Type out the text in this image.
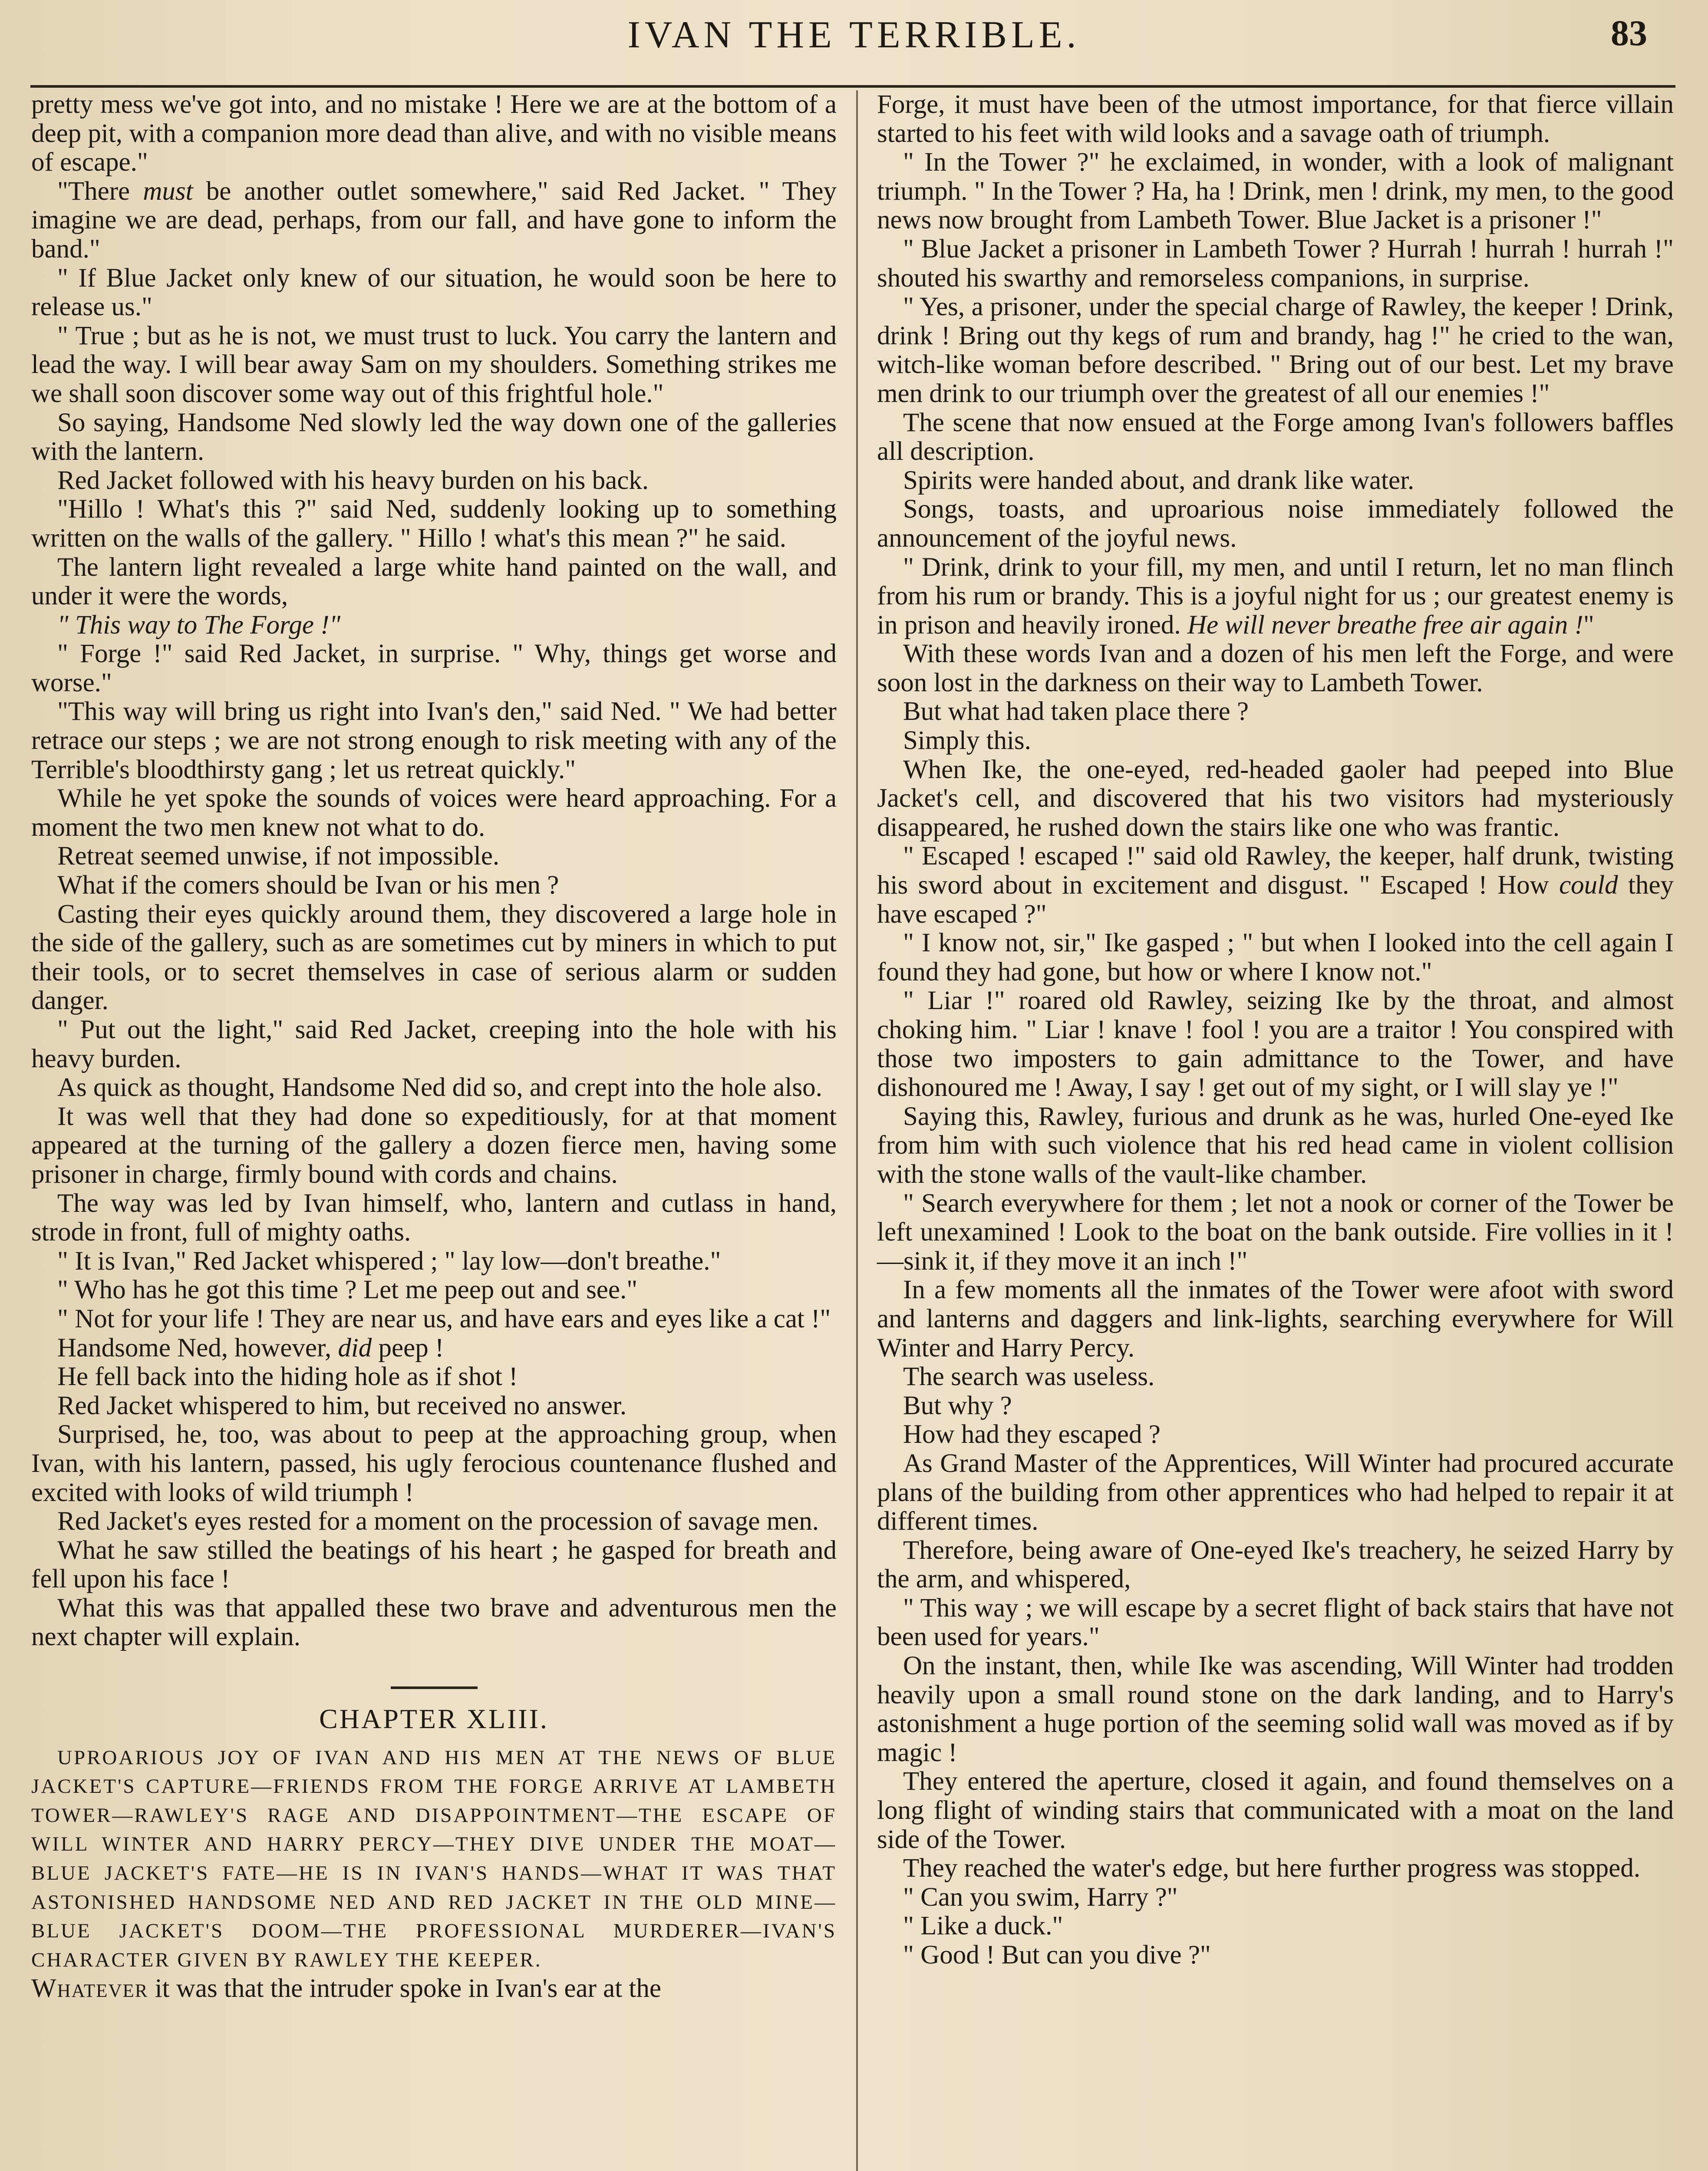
IVAN THE TERRIBLE.	83

pretty mess we've got into, and no mistake ! Here we are at the bottom of a deep pit, with a companion more dead than alive, and with no visible means of escape."

"There must be another outlet somewhere," said Red Jacket. " They imagine we are dead, perhaps, from our fall, and have gone to inform the band."

" If Blue Jacket only knew of our situation, he would soon be here to release us."

" True ; but as he is not, we must trust to luck. You carry the lantern and lead the way. I will bear away Sam on my shoulders. Something strikes me we shall soon discover some way out of this frightful hole."

So saying, Handsome Ned slowly led the way down one of the galleries with the lantern.

Red Jacket followed with his heavy burden on his back.

"Hillo ! What's this ?" said Ned, suddenly looking up to something written on the walls of the gallery. " Hillo ! what's this mean ?" he said.

The lantern light revealed a large white hand painted on the wall, and under it were the words,

" This way to The Forge !"

" Forge !" said Red Jacket, in surprise. " Why, things get worse and worse."

"This way will bring us right into Ivan's den," said Ned. " We had better retrace our steps ; we are not strong enough to risk meeting with any of the Terrible's bloodthirsty gang ; let us retreat quickly."

While he yet spoke the sounds of voices were heard approaching. For a moment the two men knew not what to do.

Retreat seemed unwise, if not impossible.

What if the comers should be Ivan or his men ?

Casting their eyes quickly around them, they discovered a large hole in the side of the gallery, such as are sometimes cut by miners in which to put their tools, or to secret themselves in case of serious alarm or sudden danger.

" Put out the light," said Red Jacket, creeping into the hole with his heavy burden.

As quick as thought, Handsome Ned did so, and crept into the hole also.

It was well that they had done so expeditiously, for at that moment appeared at the turning of the gallery a dozen fierce men, having some prisoner in charge, firmly bound with cords and chains.

The way was led by Ivan himself, who, lantern and cutlass in hand, strode in front, full of mighty oaths.

" It is Ivan," Red Jacket whispered ; " lay low—don't breathe."

" Who has he got this time ? Let me peep out and see."

" Not for your life ! They are near us, and have ears and eyes like a cat !"

Handsome Ned, however, did peep !

He fell back into the hiding hole as if shot !

Red Jacket whispered to him, but received no answer.

Surprised, he, too, was about to peep at the approaching group, when Ivan, with his lantern, passed, his ugly ferocious countenance flushed and excited with looks of wild triumph !

Red Jacket's eyes rested for a moment on the procession of savage men.

What he saw stilled the beatings of his heart ; he gasped for breath and fell upon his face !

What this was that appalled these two brave and adventurous men the next chapter will explain.

CHAPTER XLIII.

UPROARIOUS JOY OF IVAN AND HIS MEN AT THE NEWS OF BLUE JACKET'S CAPTURE—FRIENDS FROM THE FORGE ARRIVE AT LAMBETH TOWER—RAWLEY'S RAGE AND DISAPPOINTMENT—THE ESCAPE OF WILL WINTER AND HARRY PERCY—THEY DIVE UNDER THE MOAT—BLUE JACKET'S FATE—HE IS IN IVAN'S HANDS—WHAT IT WAS THAT ASTONISHED HANDSOME NED AND RED JACKET IN THE OLD MINE—BLUE JACKET'S DOOM—THE PROFESSIONAL MURDERER—IVAN'S CHARACTER GIVEN BY RAWLEY THE KEEPER.

Whatever it was that the intruder spoke in Ivan's ear at the

Forge, it must have been of the utmost importance, for that fierce villain started to his feet with wild looks and a savage oath of triumph.

" In the Tower ?" he exclaimed, in wonder, with a look of malignant triumph. " In the Tower ? Ha, ha ! Drink, men ! drink, my men, to the good news now brought from Lambeth Tower. Blue Jacket is a prisoner !"

" Blue Jacket a prisoner in Lambeth Tower ? Hurrah ! hurrah ! hurrah !" shouted his swarthy and remorseless companions, in surprise.

" Yes, a prisoner, under the special charge of Rawley, the keeper ! Drink, drink ! Bring out thy kegs of rum and brandy, hag !" he cried to the wan, witch-like woman before described. " Bring out of our best. Let my brave men drink to our triumph over the greatest of all our enemies !"

The scene that now ensued at the Forge among Ivan's followers baffles all description.

Spirits were handed about, and drank like water.

Songs, toasts, and uproarious noise immediately followed the announcement of the joyful news.

" Drink, drink to your fill, my men, and until I return, let no man flinch from his rum or brandy. This is a joyful night for us ; our greatest enemy is in prison and heavily ironed. He will never breathe free air again !"

With these words Ivan and a dozen of his men left the Forge, and were soon lost in the darkness on their way to Lambeth Tower.

But what had taken place there ?

Simply this.

When Ike, the one-eyed, red-headed gaoler had peeped into Blue Jacket's cell, and discovered that his two visitors had mysteriously disappeared, he rushed down the stairs like one who was frantic.

" Escaped ! escaped !" said old Rawley, the keeper, half drunk, twisting his sword about in excitement and disgust. " Escaped ! How could they have escaped ?"

" I know not, sir," Ike gasped ; " but when I looked into the cell again I found they had gone, but how or where I know not."

" Liar !" roared old Rawley, seizing Ike by the throat, and almost choking him. " Liar ! knave ! fool ! you are a traitor ! You conspired with those two imposters to gain admittance to the Tower, and have dishonoured me ! Away, I say ! get out of my sight, or I will slay ye !"

Saying this, Rawley, furious and drunk as he was, hurled One-eyed Ike from him with such violence that his red head came in violent collision with the stone walls of the vault-like chamber.

" Search everywhere for them ; let not a nook or corner of the Tower be left unexamined ! Look to the boat on the bank outside. Fire vollies in it !—sink it, if they move it an inch !"

In a few moments all the inmates of the Tower were afoot with sword and lanterns and daggers and link-lights, searching everywhere for Will Winter and Harry Percy.

The search was useless.

But why ?

How had they escaped ?

As Grand Master of the Apprentices, Will Winter had procured accurate plans of the building from other apprentices who had helped to repair it at different times.

Therefore, being aware of One-eyed Ike's treachery, he seized Harry by the arm, and whispered,

" This way ; we will escape by a secret flight of back stairs that have not been used for years."

On the instant, then, while Ike was ascending, Will Winter had trodden heavily upon a small round stone on the dark landing, and to Harry's astonishment a huge portion of the seeming solid wall was moved as if by magic !

They entered the aperture, closed it again, and found themselves on a long flight of winding stairs that communicated with a moat on the land side of the Tower.

They reached the water's edge, but here further progress was stopped.

" Can you swim, Harry ?"

" Like a duck."

" Good ! But can you dive ?"
